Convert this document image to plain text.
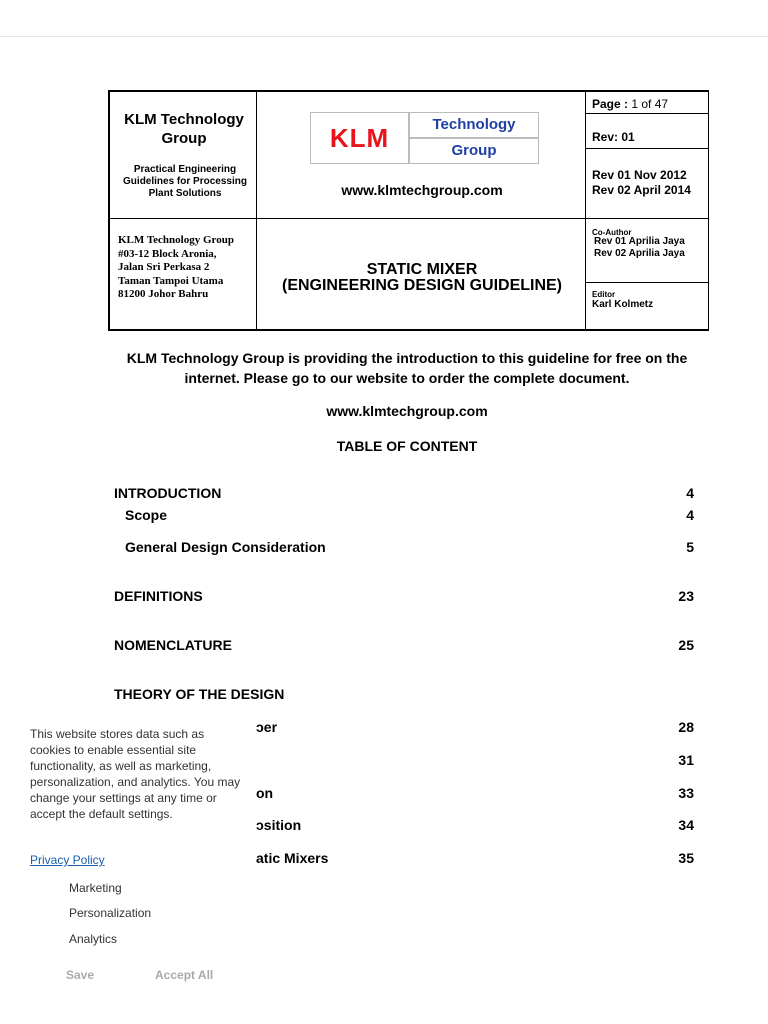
KLM Technology Group
Practical Engineering Guidelines for Processing Plant Solutions
KLM	Technology
Group
www.klmtechgroup.com
Page : 1 of 47
Rev: 01
Rev 01 Nov 2012
Rev 02 April 2014
KLM Technology Group
#03-12 Block Aronia,
Jalan Sri Perkasa 2
Taman Tampoi Utama
81200 Johor Bahru
STATIC MIXER
(ENGINEERING DESIGN GUIDELINE)
Co-Author
Rev 01 Aprilia Jaya
Rev 02 Aprilia Jaya
Editor
Karl Kolmetz
KLM Technology Group is providing the introduction to this guideline for free on the internet. Please go to our website to order the complete document.
www.klmtechgroup.com
TABLE OF CONTENT
INTRODUCTION	4
Scope	4
General Design Consideration	5
DEFINITIONS	23
NOMENCLATURE	25
THEORY OF THE DESIGN
ɔer	28
31
on	33
ɔsition	34
atic Mixers	35
This website stores data such as cookies to enable essential site functionality, as well as marketing, personalization, and analytics. You may change your settings at any time or accept the default settings.
Privacy Policy
Marketing
Personalization
Analytics
Save	Accept All
